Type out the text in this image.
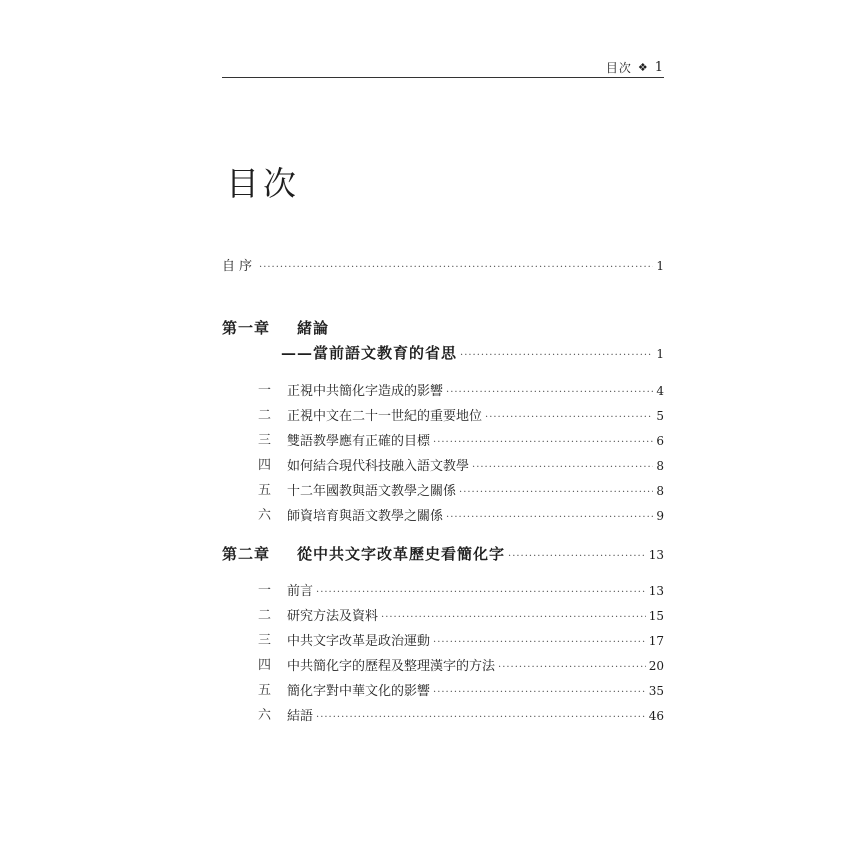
目次 ❖ 1
目次
自序 ·····	1
第一章 緒論
——當前語文教育的省思 ·····	1
一 正視中共簡化字造成的影響 ·····	4
二 正視中文在二十一世紀的重要地位 ·····	5
三 雙語教學應有正確的目標 ·····	6
四 如何結合現代科技融入語文教學 ·····	8
五 十二年國教與語文教學之關係 ·····	8
六 師資培育與語文教學之關係 ·····	9
第二章 從中共文字改革歷史看簡化字 ·····	13
一 前言 ·····	13
二 研究方法及資料 ·····	15
三 中共文字改革是政治運動 ·····	17
四 中共簡化字的歷程及整理漢字的方法 ·····	20
五 簡化字對中華文化的影響 ·····	35
六 結語 ·····	46
